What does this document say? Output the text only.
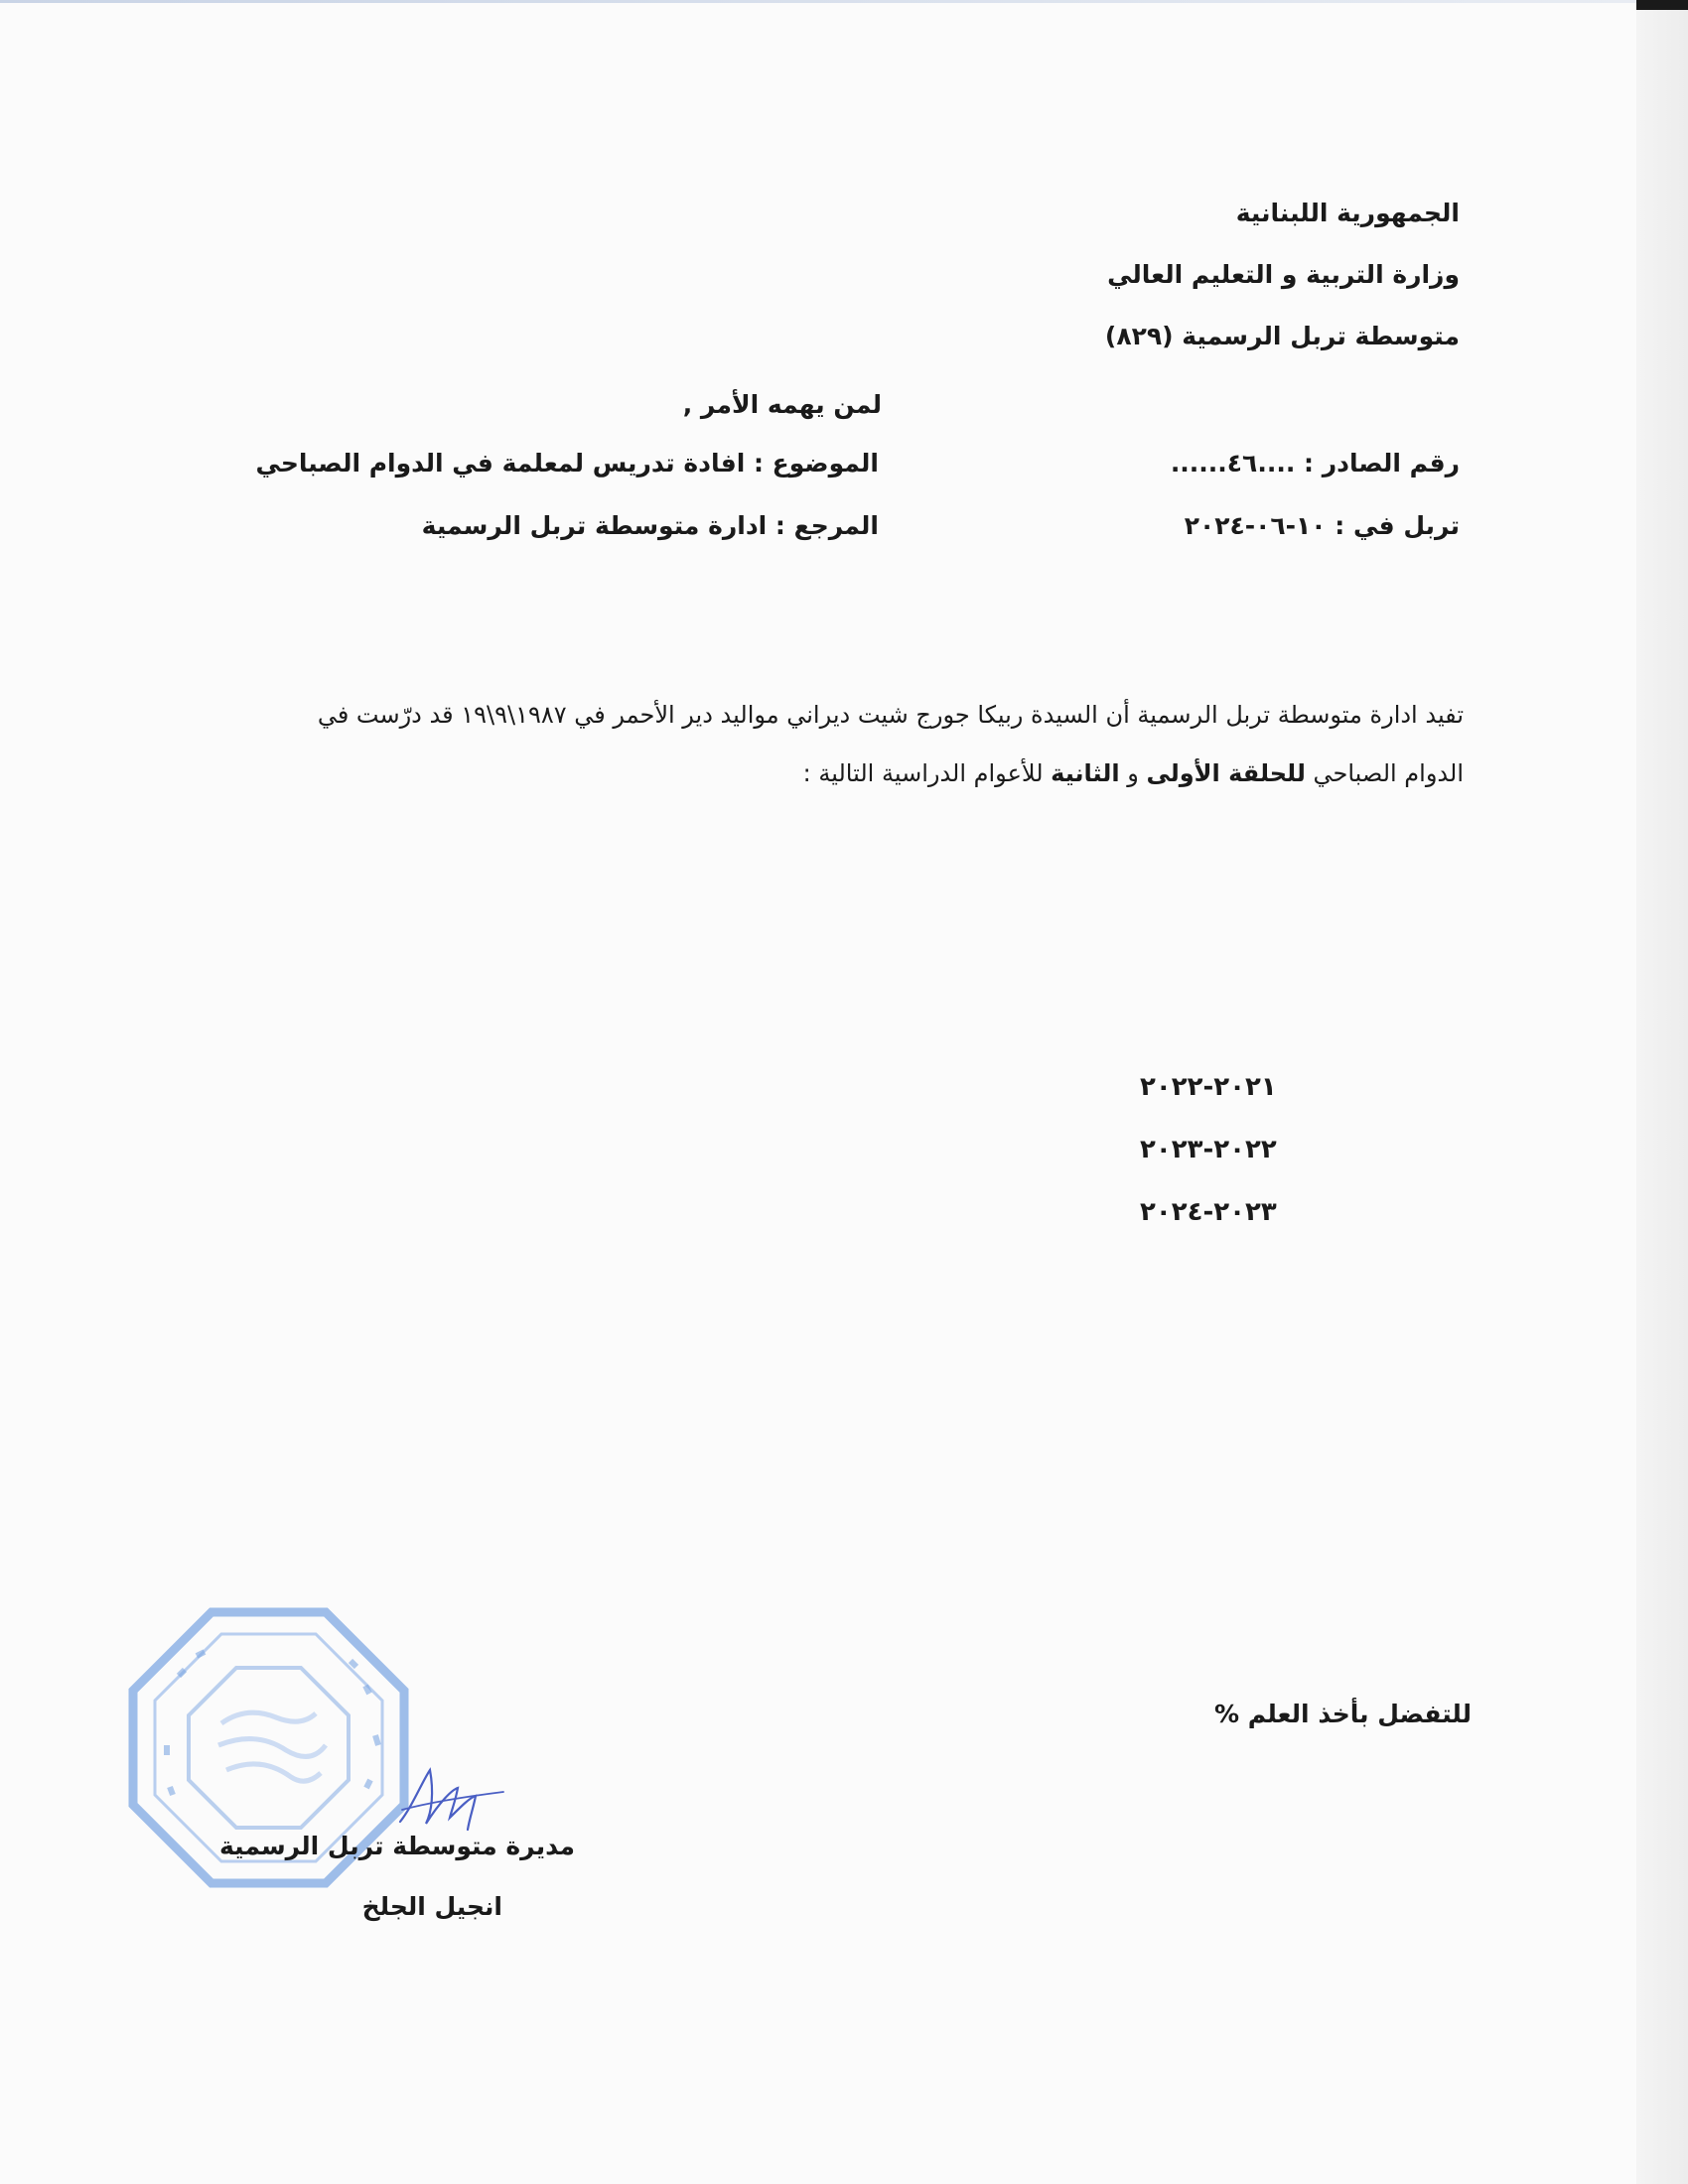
الجمهورية اللبنانية
وزارة التربية و التعليم العالي
متوسطة تربل الرسمية (٨٢٩)
لمن يهمه الأمر ,
رقم الصادر : ....٤٦......
الموضوع : افادة تدريس لمعلمة في الدوام الصباحي
تربل في : ١٠-٠٦-٢٠٢٤
المرجع : ادارة متوسطة تربل الرسمية
تفيد ادارة متوسطة تربل الرسمية أن السيدة ربيكا جورج شيت ديراني مواليد دير الأحمر في ١٩٨٧\٩\١٩ قد درّست في
الدوام الصباحي للحلقة الأولى و الثانية للأعوام الدراسية التالية :
٢٠٢١-٢٠٢٢
٢٠٢٢-٢٠٢٣
٢٠٢٣-٢٠٢٤
للتفضل بأخذ العلم %
مديرة متوسطة تربل الرسمية
انجيل الجلخ
